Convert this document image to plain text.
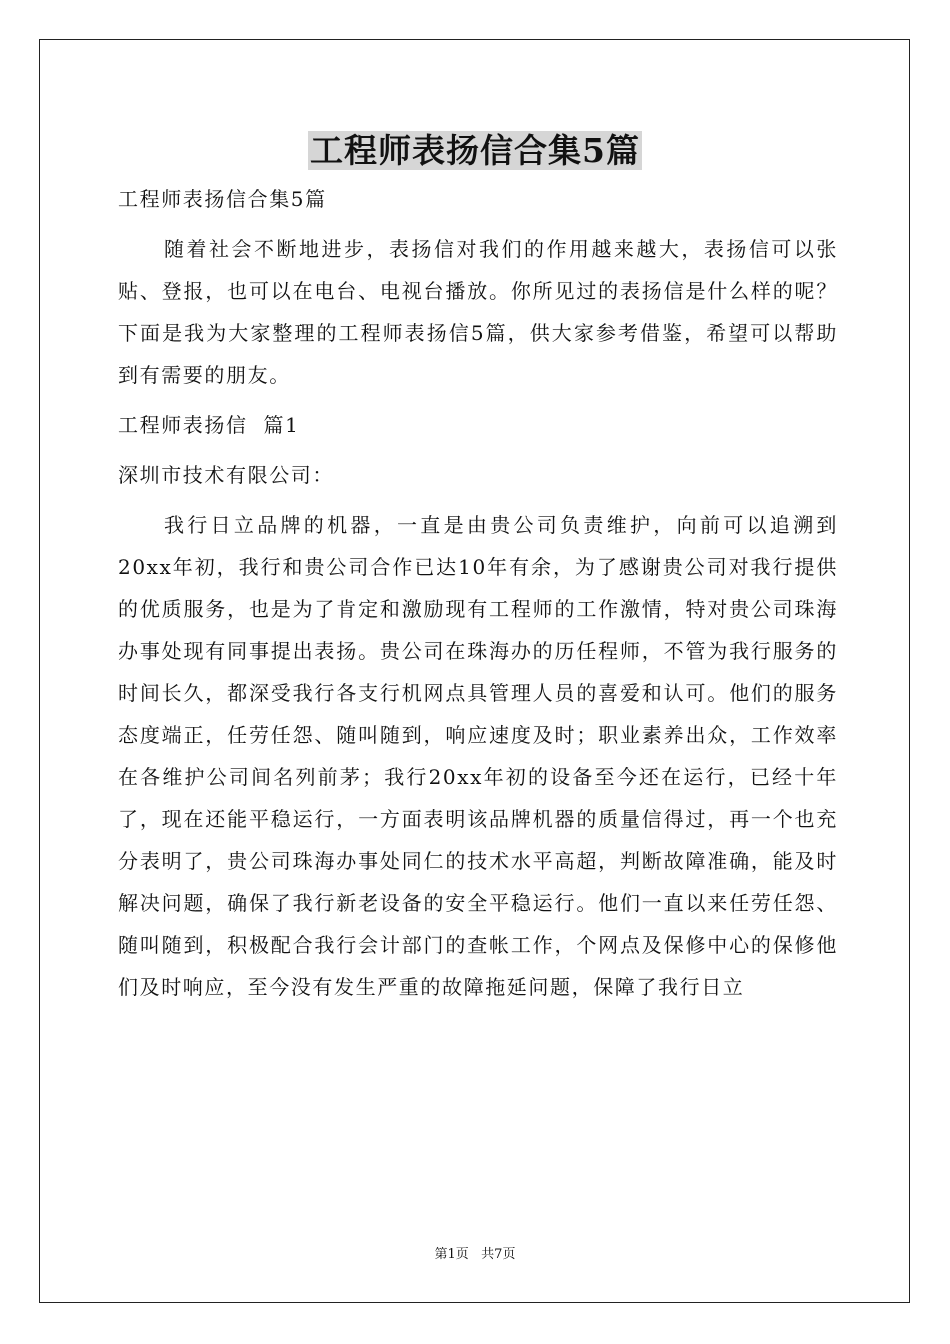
工程师表扬信合集5篇

工程师表扬信合集5篇

随着社会不断地进步，表扬信对我们的作用越来越大，表扬信可以张贴、登报，也可以在电台、电视台播放。你所见过的表扬信是什么样的呢？下面是我为大家整理的工程师表扬信5篇，供大家参考借鉴，希望可以帮助到有需要的朋友。

工程师表扬信  篇1

深圳市技术有限公司：

我行日立品牌的机器，一直是由贵公司负责维护，向前可以追溯到20xx年初，我行和贵公司合作已达10年有余，为了感谢贵公司对我行提供的优质服务，也是为了肯定和激励现有工程师的工作激情，特对贵公司珠海办事处现有同事提出表扬。贵公司在珠海办的历任程师，不管为我行服务的时间长久，都深受我行各支行机网点具管理人员的喜爱和认可。他们的服务态度端正，任劳任怨、随叫随到，响应速度及时；职业素养出众，工作效率在各维护公司间名列前茅；我行20xx年初的设备至今还在运行，已经十年了，现在还能平稳运行，一方面表明该品牌机器的质量信得过，再一个也充分表明了，贵公司珠海办事处同仁的技术水平高超，判断故障准确，能及时解决问题，确保了我行新老设备的安全平稳运行。他们一直以来任劳任怨、随叫随到，积极配合我行会计部门的查帐工作，个网点及保修中心的保修他们及时响应，至今没有发生严重的故障拖延问题，保障了我行日立

第1页   共7页
